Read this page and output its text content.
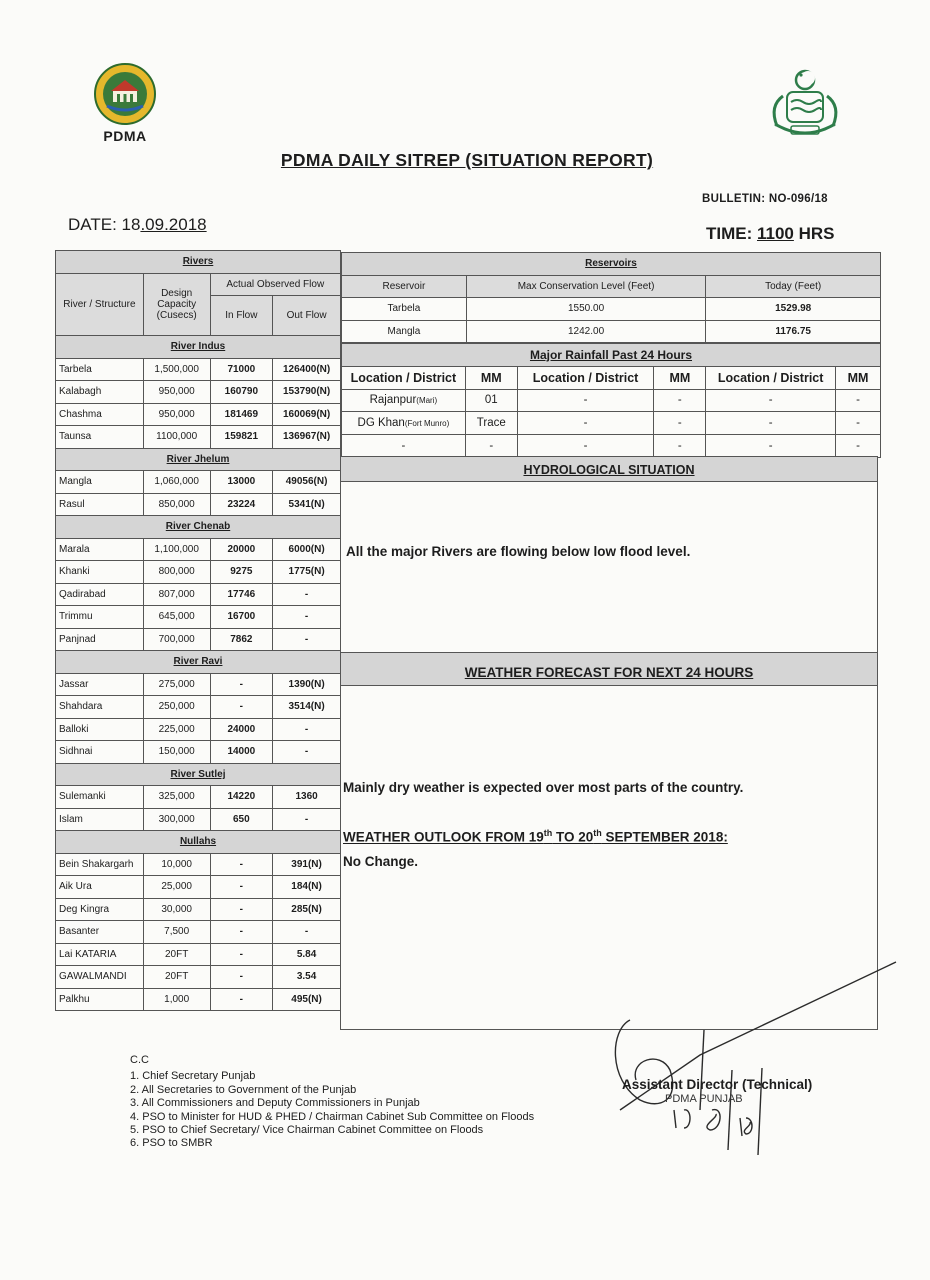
PDMA
PDMA DAILY SITREP (SITUATION REPORT)
BULLETIN: NO-096/18
DATE: 18.09.2018	TIME: 1100 HRS
Rivers			
River / Structure	Design Capacity (Cusecs)	Actual Observed Flow	
		In Flow	Out Flow
River Indus			
Tarbela	1,500,000	71000	126400(N)
Kalabagh	950,000	160790	153790(N)
Chashma	950,000	181469	160069(N)
Taunsa	1100,000	159821	136967(N)
River Jhelum			
Mangla	1,060,000	13000	49056(N)
Rasul	850,000	23224	5341(N)
River Chenab			
Marala	1,100,000	20000	6000(N)
Khanki	800,000	9275	1775(N)
Qadirabad	807,000	17746	-
Trimmu	645,000	16700	-
Panjnad	700,000	7862	-
River Ravi			
Jassar	275,000	-	1390(N)
Shahdara	250,000	-	3514(N)
Balloki	225,000	24000	-
Sidhnai	150,000	14000	-
River Sutlej			
Sulemanki	325,000	14220	1360
Islam	300,000	650	-
Nullahs			
Bein Shakargarh	10,000	-	391(N)
Aik Ura	25,000	-	184(N)
Deg Kingra	30,000	-	285(N)
Basanter	7,500	-	-
Lai KATARIA	20FT	-	5.84
GAWALMANDI	20FT	-	3.54
Palkhu	1,000	-	495(N)
Reservoirs		
Reservoir	Max Conservation Level (Feet)	Today (Feet)
Tarbela	1550.00	1529.98
Mangla	1242.00	1176.75
Major Rainfall Past 24 Hours					
Location / District	MM	Location / District	MM	Location / District	MM
Rajanpur(Mari)	01	-	-	-	-
DG Khan(Fort Munro)	Trace	-	-	-	-
-	-	-	-	-	-
HYDROLOGICAL SITUATION
All the major Rivers are flowing below low flood level.
WEATHER FORECAST FOR NEXT 24 HOURS
Mainly dry weather is expected over most parts of the country.
WEATHER OUTLOOK FROM 19th TO 20th SEPTEMBER 2018:
No Change.
C.C
1. Chief Secretary Punjab
2. All Secretaries to Government of the Punjab
3. All Commissioners and Deputy Commissioners in Punjab
4. PSO to Minister for HUD & PHED / Chairman Cabinet Sub Committee on Floods
5. PSO to Chief Secretary/ Vice Chairman Cabinet Committee on Floods
6. PSO to SMBR
Assistant Director (Technical)
PDMA PUNJAB
